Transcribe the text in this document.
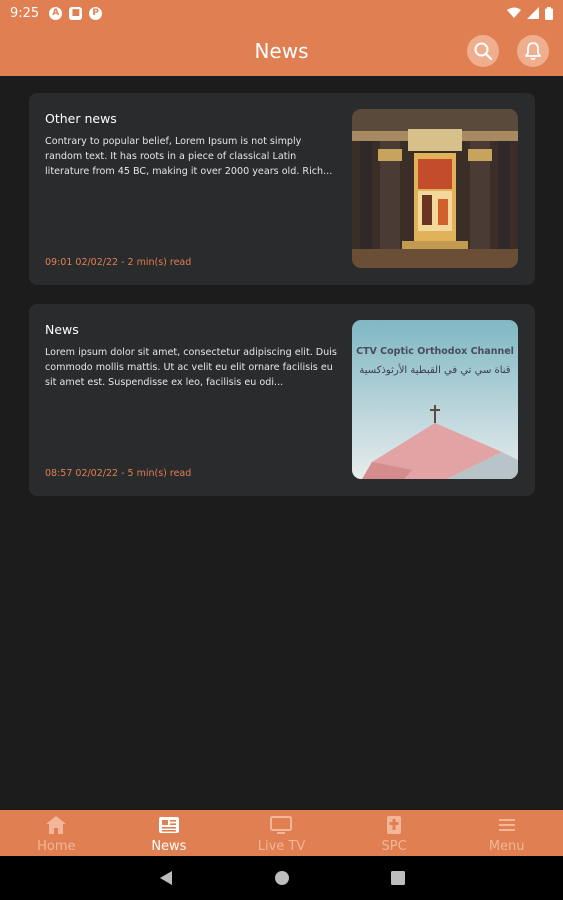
9:25	A	■	P
News
Other news
Contrary to popular belief, Lorem Ipsum is not simply random text. It has roots in a piece of classical Latin literature from 45 BC, making it over 2000 years old. Rich...
09:01 02/02/22 - 2 min(s) read
News
Lorem ipsum dolor sit amet, consectetur adipiscing elit. Duis commodo mollis mattis. Ut ac velit eu elit ornare facilisis eu sit amet est. Suspendisse ex leo, facilisis eu odi...
08:57 02/02/22 - 5 min(s) read
CTV Coptic Orthodox Channel
قناة سي تي في القبطية الأرثوذكسية
Home	News	Live TV	SPC	Menu
